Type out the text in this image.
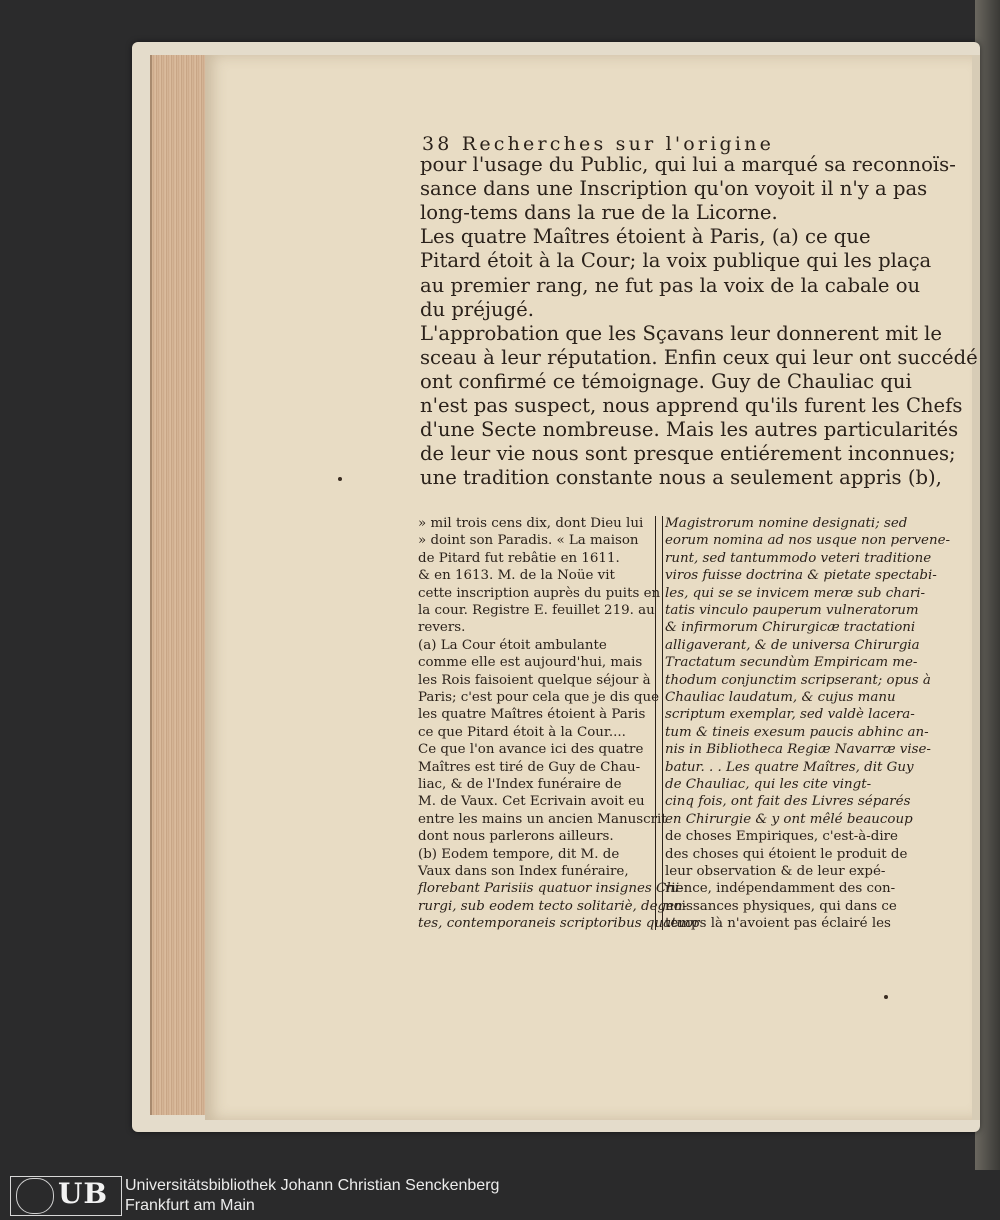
38 Recherches sur l'origine
pour l'usage du Public, qui lui a marqué sa reconnoïs-
sance dans une Inscription qu'on voyoit il n'y a pas
long-tems dans la rue de la Licorne.
Les quatre Maîtres étoient à Paris, (a) ce que
Pitard étoit à la Cour; la voix publique qui les plaça
au premier rang, ne fut pas la voix de la cabale ou
du préjugé.
L'approbation que les Sçavans leur donnerent mit le
sceau à leur réputation. Enfin ceux qui leur ont succédé
ont confirmé ce témoignage. Guy de Chauliac qui
n'est pas suspect, nous apprend qu'ils furent les Chefs
d'une Secte nombreuse. Mais les autres particularités
de leur vie nous sont presque entiérement inconnues;
une tradition constante nous a seulement appris (b),
» mil trois cens dix, dont Dieu lui
» doint son Paradis. « La maison
de Pitard fut rebâtie en 1611.
& en 1613. M. de la Noüe vit
cette inscription auprès du puits en
la cour. Registre E. feuillet 219. au
revers.
(a) La Cour étoit ambulante
comme elle est aujourd'hui, mais
les Rois faisoient quelque séjour à
Paris; c'est pour cela que je dis que
les quatre Maîtres étoient à Paris
ce que Pitard étoit à la Cour....
Ce que l'on avance ici des quatre
Maîtres est tiré de Guy de Chau-
liac, & de l'Index funéraire de
M. de Vaux. Cet Ecrivain avoit eu
entre les mains un ancien Manuscrit
dont nous parlerons ailleurs.
(b) Eodem tempore, dit M. de
Vaux dans son Index funéraire,
florebant Parisiis quatuor insignes Chi-
rurgi, sub eodem tecto solitariè, degen-
tes, contemporaneis scriptoribus quatuor
Magistrorum nomine designati; sed
eorum nomina ad nos usque non pervene-
runt, sed tantummodo veteri traditione
viros fuisse doctrina & pietate spectabi-
les, qui se se invicem meræ sub chari-
tatis vinculo pauperum vulneratorum
& infirmorum Chirurgicæ tractationi
alligaverant, & de universa Chirurgia
Tractatum secundùm Empiricam me-
thodum conjunctim scripserant; opus à
Chauliac laudatum, & cujus manu
scriptum exemplar, sed valdè lacera-
tum & tineis exesum paucis abhinc an-
nis in Bibliotheca Regiæ Navarræ vise-
batur. . . Les quatre Maîtres, dit Guy
de Chauliac, qui les cite vingt-
cinq fois, ont fait des Livres séparés
en Chirurgie & y ont mêlé beaucoup
de choses Empiriques, c'est-à-dire
des choses qui étoient le produit de
leur observation & de leur expé-
rience, indépendamment des con-
noissances physiques, qui dans ce
temps là n'avoient pas éclairé les
UB Universitätsbibliothek Johann Christian Senckenberg
Frankfurt am Main
